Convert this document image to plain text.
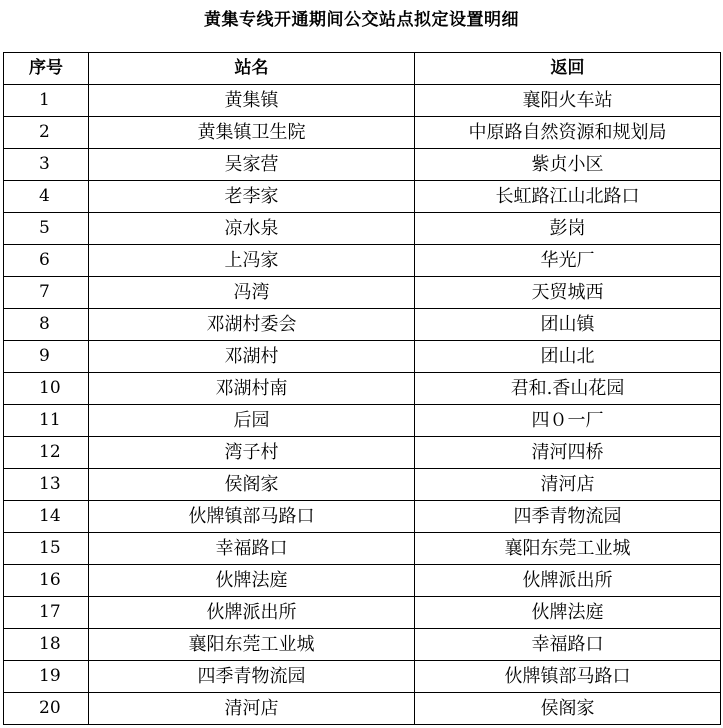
黄集专线开通期间公交站点拟定设置明细
序号	站名	返回
1	黄集镇	襄阳火车站
2	黄集镇卫生院	中原路自然资源和规划局
3	吴家营	紫贞小区
4	老李家	长虹路江山北路口
5	凉水泉	彭岗
6	上冯家	华光厂
7	冯湾	天贸城西
8	邓湖村委会	团山镇
9	邓湖村	团山北
10	邓湖村南	君和.香山花园
11	后园	四０一厂
12	湾子村	清河四桥
13	侯阁家	清河店
14	伙牌镇部马路口	四季青物流园
15	幸福路口	襄阳东莞工业城
16	伙牌法庭	伙牌派出所
17	伙牌派出所	伙牌法庭
18	襄阳东莞工业城	幸福路口
19	四季青物流园	伙牌镇部马路口
20	清河店	侯阁家
